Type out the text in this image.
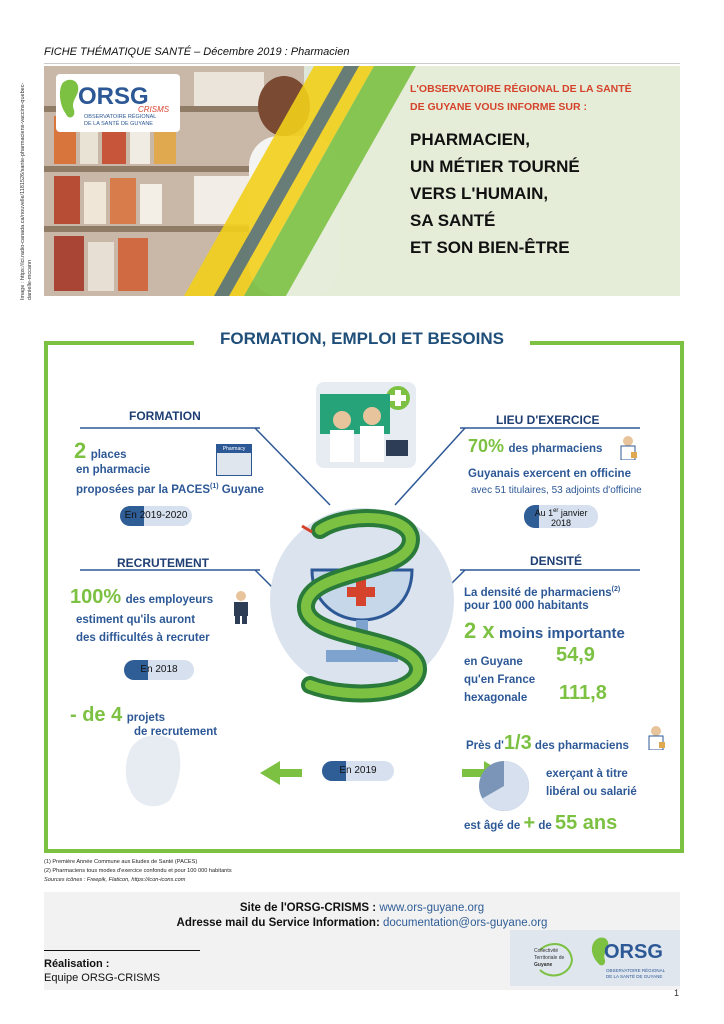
FICHE THÉMATIQUE SANTÉ – Décembre 2019 : Pharmacien
Image : https://ici.radio-canada.ca/nouvelle/1181526/sante-pharmaciens-vaccins-quebec-danielle-mccann
ORSG
CRISMS
OBSERVATOIRE RÉGIONAL
DE LA SANTÉ DE GUYANE
L'OBSERVATOIRE RÉGIONAL DE LA SANTÉ
DE GUYANE VOUS INFORME SUR :
PHARMACIEN,
UN MÉTIER TOURNÉ
VERS L'HUMAIN,
SA SANTÉ
ET SON BIEN-ÊTRE
FORMATION, EMPLOI ET BESOINS
FORMATION
2 places
en pharmacie
proposées par la PACES$^{(1)}$ Guyane
Pharmacy
En 2019-2020
LIEU D'EXERCICE
70% des pharmaciens
Guyanais exercent en officine
avec 51 titulaires, 53 adjoints d'officine
Au 1er janvier
2018
RECRUTEMENT
100% des employeurs
estiment qu'ils auront
des difficultés à recruter
En 2018
- de 4 projets
de recrutement
En 2019
DENSITÉ
La densité de pharmaciens$^{(2)}$
pour 100 000 habitants
2 x moins importante
en Guyane 54,9
qu'en France
hexagonale 111,8
Près d'1/3 des pharmaciens
exerçant à titre
libéral ou salarié
est âgé de + de 55 ans
(1) Première Année Commune aux Etudes de Santé (PACES)
(2) Pharmaciens tous modes d'exercice confondu et pour 100 000 habitants
Sources icônes : Freepik, Flaticon, https://icon-icons.com
Site de l'ORSG-CRISMS : www.ors-guyane.org
Adresse mail du Service Information: documentation@ors-guyane.org
Réalisation :
Equipe ORSG-CRISMS
Collectivité
Territoriale de
Guyane
ORSG
OBSERVATOIRE RÉGIONAL
DE LA SANTÉ DE GUYANE
1
